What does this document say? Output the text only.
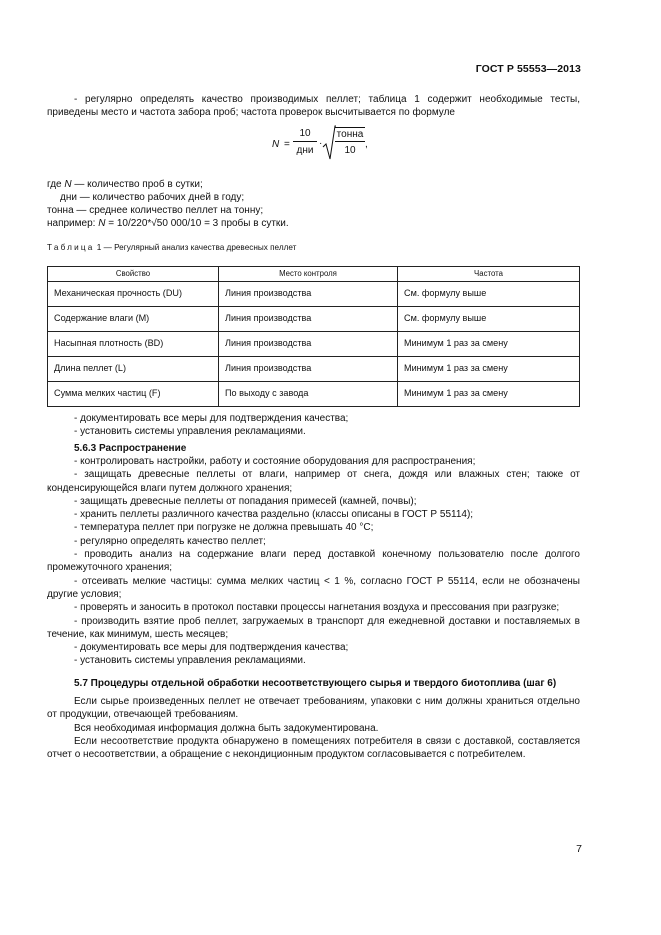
ГОСТ Р 55553—2013

- регулярно определять качество производимых пеллет; таблица 1 содержит необходимые тесты, приведены место и частота забора проб; частота проверок высчитывается по формуле

N =
10
дни
·
тонна
10
,

где N — количество проб в сутки;

дни — количество рабочих дней в году;

тонна — среднее количество пеллет на тонну;

например: N = 10/220*√50 000/10 = 3 пробы в сутки.

Таблица 1 — Регулярный анализ качества древесных пеллет
Свойство	Место контроля	Частота
Механическая прочность (DU)	Линия производства	См. формулу выше
Содержание влаги (M)	Линия производства	См. формулу выше
Насыпная плотность (BD)	Линия производства	Минимум 1 раз за смену
Длина пеллет (L)	Линия производства	Минимум 1 раз за смену
Сумма мелких частиц (F)	По выходу с завода	Минимум 1 раз за смену

- документировать все меры для подтверждения качества;

- установить системы управления рекламациями.

5.6.3 Распространение

- контролировать настройки, работу и состояние оборудования для распространения;

- защищать древесные пеллеты от влаги, например от снега, дождя или влажных стен; также от конденсирующейся влаги путем должного хранения;

- защищать древесные пеллеты от попадания примесей (камней, почвы);

- хранить пеллеты различного качества раздельно (классы описаны в ГОСТ Р 55114);

- температура пеллет при погрузке не должна превышать 40 °С;

- регулярно определять качество пеллет;

- проводить анализ на содержание влаги перед доставкой конечному пользователю после долгого промежуточного хранения;

- отсеивать мелкие частицы: сумма мелких частиц < 1 %, согласно ГОСТ Р 55114, если не обозначены другие условия;

- проверять и заносить в протокол поставки процессы нагнетания воздуха и прессования при разгрузке;

- производить взятие проб пеллет, загружаемых в транспорт для ежедневной доставки и поставляемых в течение, как минимум, шесть месяцев;

- документировать все меры для подтверждения качества;

- установить системы управления рекламациями.

5.7 Процедуры отдельной обработки несоответствующего сырья и твердого биотоплива (шаг 6)

Если сырье произведенных пеллет не отвечает требованиям, упаковки с ним должны храниться отдельно от продукции, отвечающей требованиям.

Вся необходимая информация должна быть задокументирована.

Если несоответствие продукта обнаружено в помещениях потребителя в связи с доставкой, составляется отчет о несоответствии, а обращение с некондиционным продуктом согласовывается с потребителем.

7
